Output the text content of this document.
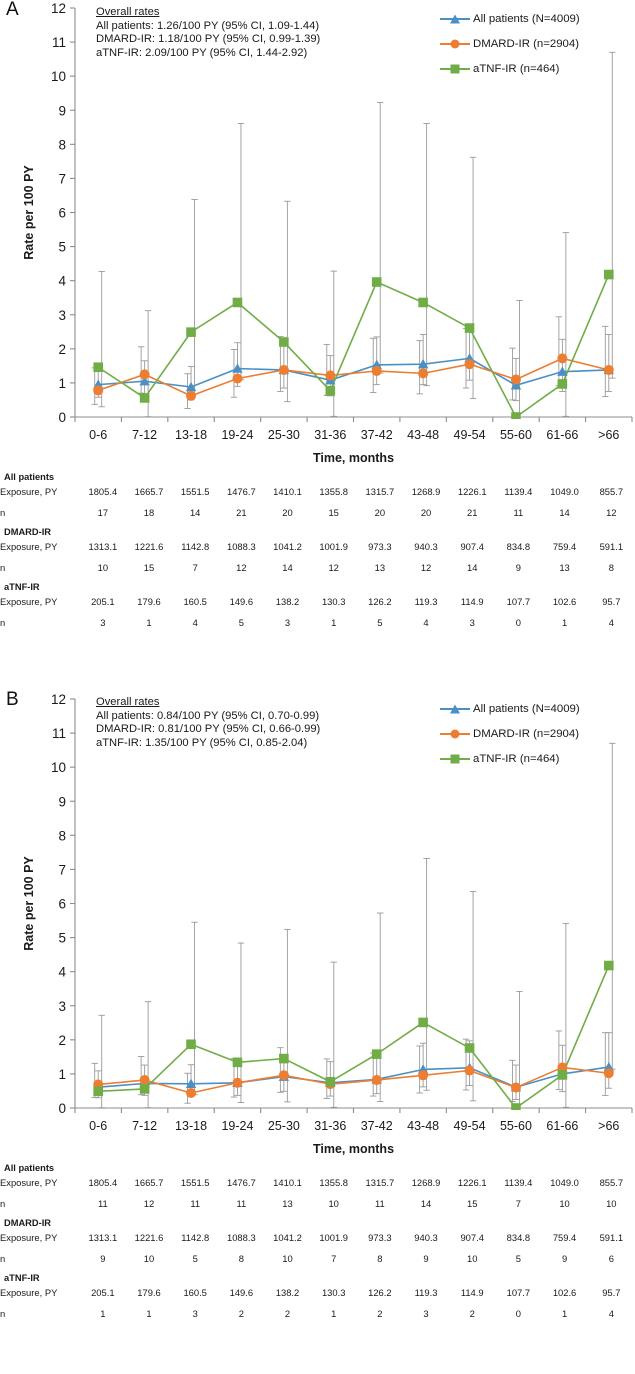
A
0
1
2
3
4
5
6
7
8
9
10
11
12
0-6 7-12 13-18 19-24 25-30 31-36 37-42 43-48 49-54 55-60 61-66 >66
Time, months
Rate per 100 PY
Overall rates
All patients: 1.26/100 PY (95% CI, 1.09-1.44)
DMARD-IR: 1.18/100 PY (95% CI, 0.99-1.39)
aTNF-IR: 2.09/100 PY (95% CI, 1.44-2.92)
All patients (N=4009)
DMARD-IR (n=2904)
aTNF-IR (n=464)
All patients												
Exposure, PY	1805.4	1665.7	1551.5	1476.7	1410.1	1355.8	1315.7	1268.9	1226.1	1139.4	1049.0	855.7
n	17	18	14	21	20	15	20	20	21	11	14	12
DMARD-IR												
Exposure, PY	1313.1	1221.6	1142.8	1088.3	1041.2	1001.9	973.3	940.3	907.4	834.8	759.4	591.1
n	10	15	7	12	14	12	13	12	14	9	13	8
aTNF-IR												
Exposure, PY	205.1	179.6	160.5	149.6	138.2	130.3	126.2	119.3	114.9	107.7	102.6	95.7
n	3	1	4	5	3	1	5	4	3	0	1	4
B
0
1
2
3
4
5
6
7
8
9
10
11
12
0-6 7-12 13-18 19-24 25-30 31-36 37-42 43-48 49-54 55-60 61-66 >66
Time, months
Rate per 100 PY
Overall rates
All patients: 0.84/100 PY (95% CI, 0.70-0.99)
DMARD-IR: 0.81/100 PY (95% CI, 0.66-0.99)
aTNF-IR: 1.35/100 PY (95% CI, 0.85-2.04)
All patients (N=4009)
DMARD-IR (n=2904)
aTNF-IR (n=464)
All patients												
Exposure, PY	1805.4	1665.7	1551.5	1476.7	1410.1	1355.8	1315.7	1268.9	1226.1	1139.4	1049.0	855.7
n	11	12	11	11	13	10	11	14	15	7	10	10
DMARD-IR												
Exposure, PY	1313.1	1221.6	1142.8	1088.3	1041.2	1001.9	973.3	940.3	907.4	834.8	759.4	591.1
n	9	10	5	8	10	7	8	9	10	5	9	6
aTNF-IR												
Exposure, PY	205.1	179.6	160.5	149.6	138.2	130.3	126.2	119.3	114.9	107.7	102.6	95.7
n	1	1	3	2	2	1	2	3	2	0	1	4
